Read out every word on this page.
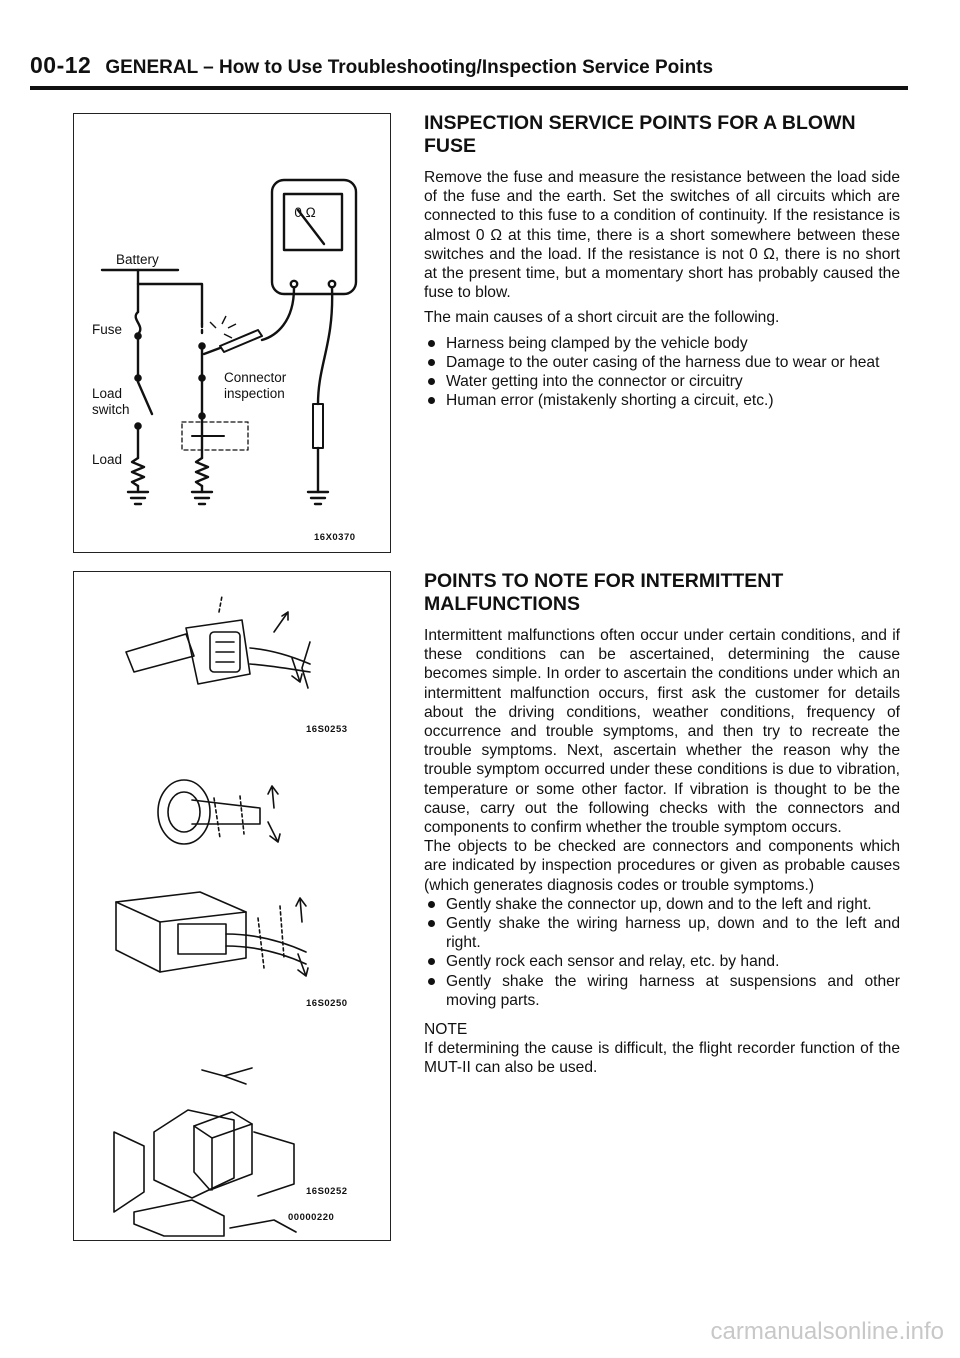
00-12 GENERAL – How to Use Troubleshooting/Inspection Service Points
0 Ω
Battery
Fuse
Load
switch
Load
Connector
inspection
16X0370
16S0253
16S0250
16S0252
00000220
INSPECTION SERVICE POINTS FOR A BLOWN FUSE

Remove the fuse and measure the resistance between the load side of the fuse and the earth. Set the switches of all circuits which are connected to this fuse to a condition of continuity. If the resistance is almost 0 Ω at this time, there is a short somewhere between these switches and the load. If the resistance is not 0 Ω, there is no short at the present time, but a momentary short has probably caused the fuse to blow.

The main causes of a short circuit are the following.

Harness being clamped by the vehicle body
Damage to the outer casing of the harness due to wear or heat
Water getting into the connector or circuitry
Human error (mistakenly shorting a circuit, etc.)
POINTS TO NOTE FOR INTERMITTENT MALFUNCTIONS

Intermittent malfunctions often occur under certain conditions, and if these conditions can be ascertained, determining the cause becomes simple. In order to ascertain the conditions under which an intermittent malfunction occurs, first ask the customer for details about the driving conditions, weather conditions, frequency of occurrence and trouble symptoms, and then try to recreate the trouble symptoms. Next, ascertain whether the reason why the trouble symptom occurred under these conditions is due to vibration, temperature or some other factor. If vibration is thought to be the cause, carry out the following checks with the connectors and components to confirm whether the trouble symptom occurs.

The objects to be checked are connectors and components which are indicated by inspection procedures or given as probable causes (which generates diagnosis codes or trouble symptoms.)

Gently shake the connector up, down and to the left and right.
Gently shake the wiring harness up, down and to the left and right.
Gently rock each sensor and relay, etc. by hand.
Gently shake the wiring harness at suspensions and other moving parts.

NOTE

If determining the cause is difficult, the flight recorder function of the MUT-II can also be used.

carmanualsonline.info
